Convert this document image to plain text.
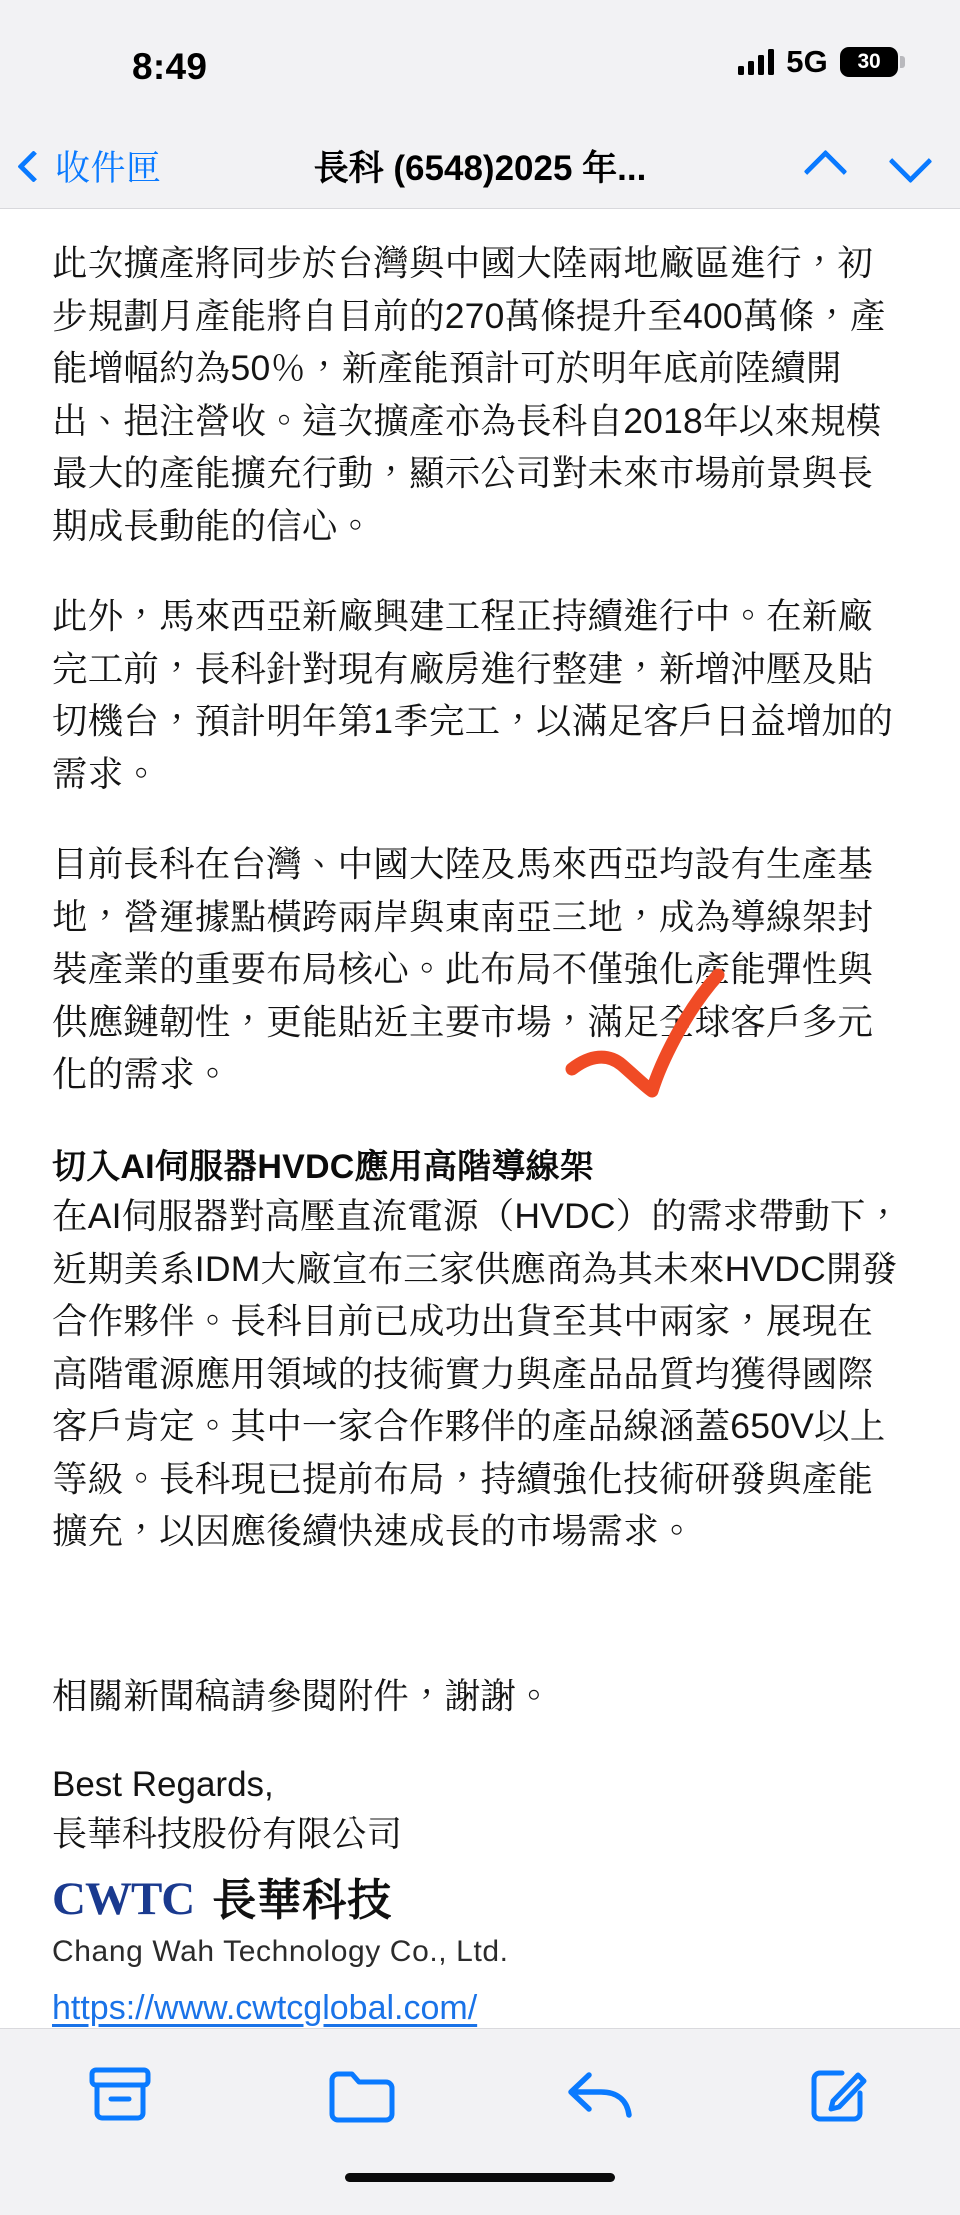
8:49	5G 30
收件匣	長科 (6548)2025 年...

此次擴產將同步於台灣與中國大陸兩地廠區進行，初步規劃月產能將自目前的270萬條提升至400萬條，產能增幅約為50％，新產能預計可於明年底前陸續開出、挹注營收。這次擴產亦為長科自2018年以來規模最大的產能擴充行動，顯示公司對未來市場前景與長期成長動能的信心。

此外，馬來西亞新廠興建工程正持續進行中。在新廠完工前，長科針對現有廠房進行整建，新增沖壓及貼切機台，預計明年第1季完工，以滿足客戶日益增加的需求。

目前長科在台灣、中國大陸及馬來西亞均設有生產基地，營運據點橫跨兩岸與東南亞三地，成為導線架封裝產業的重要布局核心。此布局不僅強化產能彈性與供應鏈韌性，更能貼近主要市場，滿足全球客戶多元化的需求。

切入AI伺服器HVDC應用高階導線架

在AI伺服器對高壓直流電源（HVDC）的需求帶動下，近期美系IDM大廠宣布三家供應商為其未來HVDC開發合作夥伴。長科目前已成功出貨至其中兩家，展現在高階電源應用領域的技術實力與產品品質均獲得國際客戶肯定。其中一家合作夥伴的產品線涵蓋650V以上等級。長科現已提前布局，持續強化技術研發與產能擴充，以因應後續快速成長的市場需求。

相關新聞稿請參閱附件，謝謝。

Best Regards,

長華科技股份有限公司

CWTC 長華科技
Chang Wah Technology Co., Ltd.
https://www.cwtcglobal.com/
